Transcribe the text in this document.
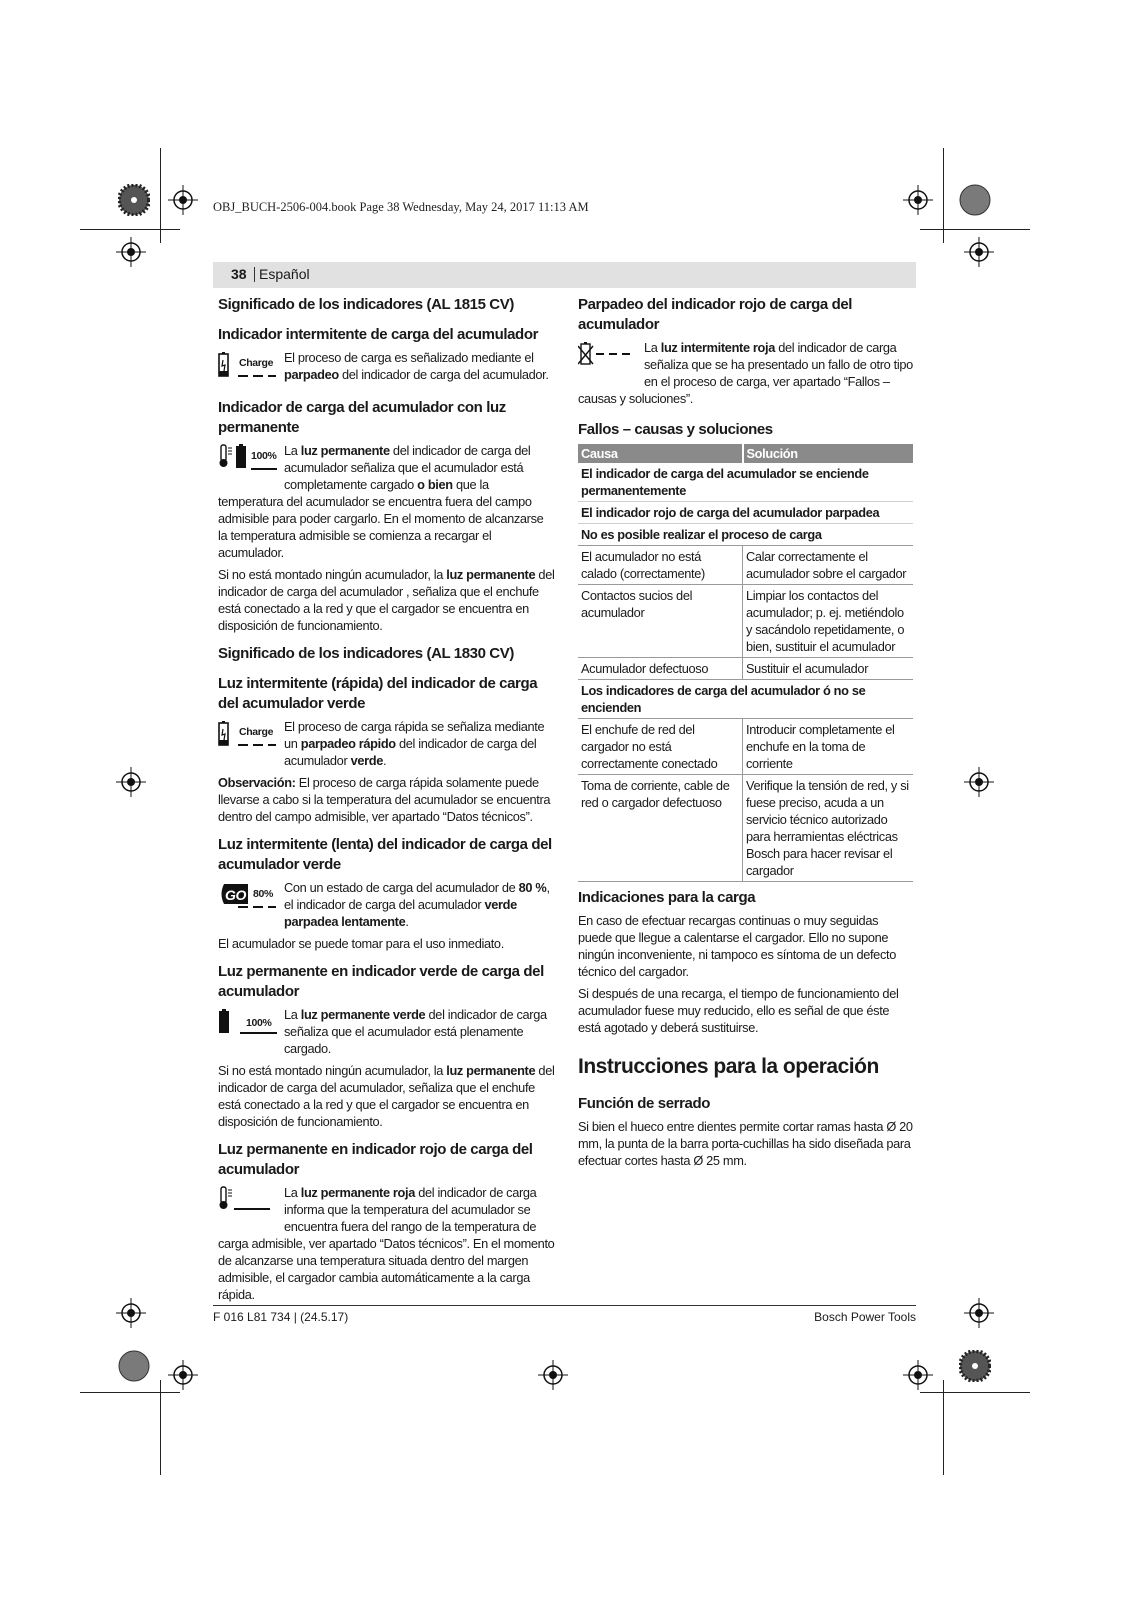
OBJ_BUCH-2506-004.book Page 38 Wednesday, May 24, 2017 11:13 AM
38 Español
Significado de los indicadores (AL 1815 CV)
Indicador intermitente de carga del acumulador
Charge El proceso de carga es señalizado mediante el parpadeo del indicador de carga del acumulador.

Indicador de carga del acumulador con luz permanente
100% La luz permanente del indicador de carga del acumulador señaliza que el acumulador está completamente cargado o bien que la temperatura del acumulador se encuentra fuera del campo admisible para poder cargarlo. En el momento de alcanzarse la temperatura admisible se comienza a recargar el acumulador.

Si no está montado ningún acumulador, la luz permanente del indicador de carga del acumulador , señaliza que el enchufe está conectado a la red y que el cargador se encuentra en disposición de funcionamiento.

Significado de los indicadores (AL 1830 CV)
Luz intermitente (rápida) del indicador de carga del acumulador verde
Charge El proceso de carga rápida se señaliza mediante un parpadeo rápido del indicador de carga del acumulador verde.

Observación: El proceso de carga rápida solamente puede llevarse a cabo si la temperatura del acumulador se encuentra dentro del campo admisible, ver apartado “Datos técnicos”.

Luz intermitente (lenta) del indicador de carga del acumulador verde
GO 80% Con un estado de carga del acumulador de 80 %, el indicador de carga del acumulador verde parpadea lentamente.

El acumulador se puede tomar para el uso inmediato.

Luz permanente en indicador verde de carga del acumulador
100%

La luz permanente verde del indicador de carga señaliza que el acumulador está plenamente cargado.

Si no está montado ningún acumulador, la luz permanente del indicador de carga del acumulador, señaliza que el enchufe está conectado a la red y que el cargador se encuentra en disposición de funcionamiento.

Luz permanente en indicador rojo de carga del acumulador

La luz permanente roja del indicador de carga informa que la temperatura del acumulador se encuentra fuera del rango de la temperatura de carga admisible, ver apartado “Datos técnicos”. En el momento de alcanzarse una temperatura situada dentro del margen admisible, el cargador cambia automáticamente a la carga rápida.

Parpadeo del indicador rojo de carga del acumulador

La luz intermitente roja del indicador de carga señaliza que se ha presentado un fallo de otro tipo en el proceso de carga, ver apartado “Fallos – causas y soluciones”.

Fallos – causas y soluciones
Causa	Solución
El indicador de carga del acumulador se enciende permanentemente	
El indicador rojo de carga del acumulador parpadea	
No es posible realizar el proceso de carga	
El acumulador no está calado (correctamente)	Calar correctamente el acumulador sobre el cargador
Contactos sucios del acumulador	Limpiar los contactos del acumulador; p. ej. metiéndolo y sacándolo repetidamente, o bien, sustituir el acumulador
Acumulador defectuoso	Sustituir el acumulador
Los indicadores de carga del acumulador ó no se encienden	
El enchufe de red del cargador no está correctamente conectado	Introducir completamente el enchufe en la toma de corriente
Toma de corriente, cable de red o cargador defectuoso	Verifique la tensión de red, y si fuese preciso, acuda a un servicio técnico autorizado para herramientas eléctricas Bosch para hacer revisar el cargador
Indicaciones para la carga

En caso de efectuar recargas continuas o muy seguidas puede que llegue a calentarse el cargador. Ello no supone ningún inconveniente, ni tampoco es síntoma de un defecto técnico del cargador.

Si después de una recarga, el tiempo de funcionamiento del acumulador fuese muy reducido, ello es señal de que éste está agotado y deberá sustituirse.

Instrucciones para la operación
Función de serrado

Si bien el hueco entre dientes permite cortar ramas hasta Ø 20 mm, la punta de la barra porta-cuchillas ha sido diseñada para efectuar cortes hasta Ø 25 mm.

F 016 L81 734 | (24.5.17)	Bosch Power Tools
